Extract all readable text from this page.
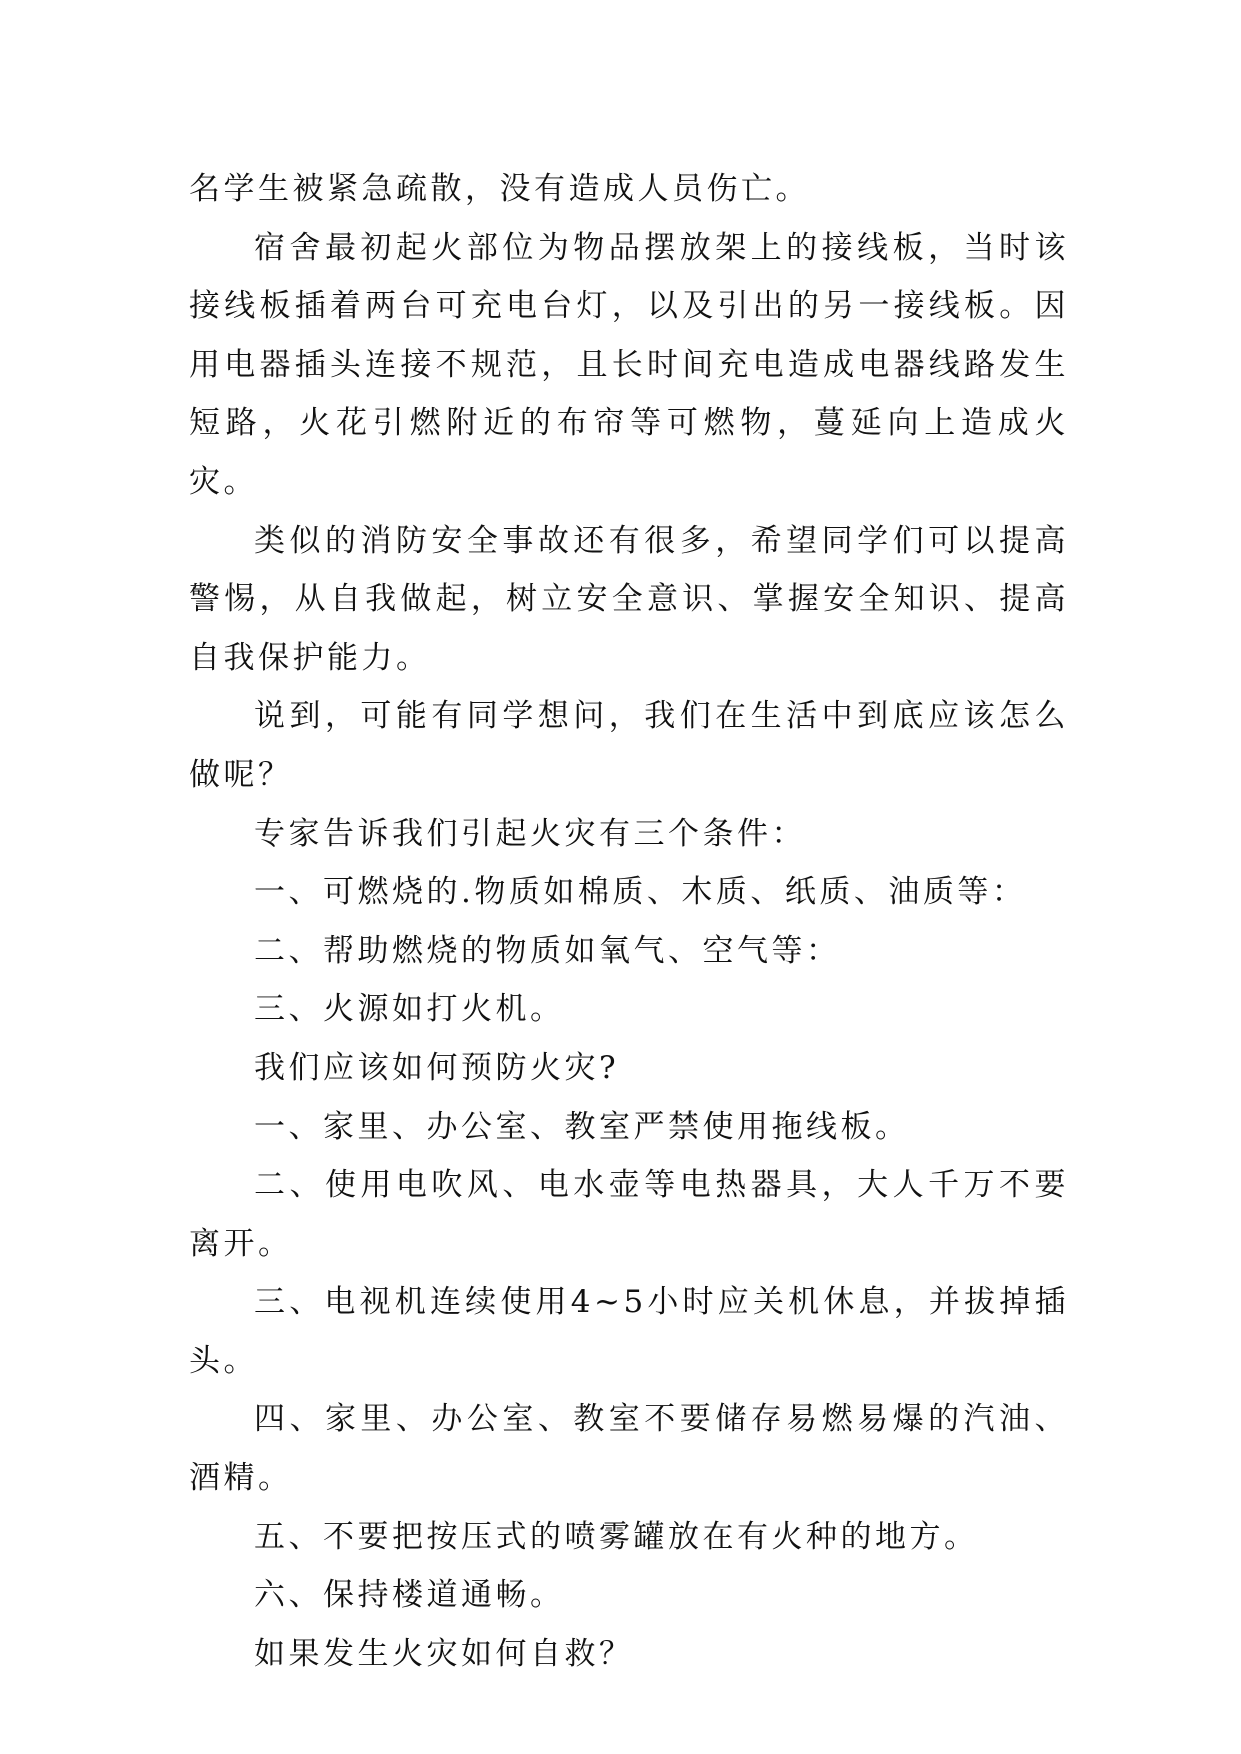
名学生被紧急疏散，没有造成人员伤亡。

宿舍最初起火部位为物品摆放架上的接线板，当时该接线板插着两台可充电台灯，以及引出的另一接线板。因用电器插头连接不规范，且长时间充电造成电器线路发生短路，火花引燃附近的布帘等可燃物，蔓延向上造成火灾。

类似的消防安全事故还有很多，希望同学们可以提高警惕，从自我做起，树立安全意识、掌握安全知识、提高自我保护能力。

说到，可能有同学想问，我们在生活中到底应该怎么做呢？

专家告诉我们引起火灾有三个条件：

一、可燃烧的.物质如棉质、木质、纸质、油质等：

二、帮助燃烧的物质如氧气、空气等：

三、火源如打火机。

我们应该如何预防火灾?

一、家里、办公室、教室严禁使用拖线板。

二、使用电吹风、电水壶等电热器具，大人千万不要离开。

三、电视机连续使用4~5小时应关机休息，并拔掉插头。

四、家里、办公室、教室不要储存易燃易爆的汽油、酒精。

五、不要把按压式的喷雾罐放在有火种的地方。

六、保持楼道通畅。

如果发生火灾如何自救？
